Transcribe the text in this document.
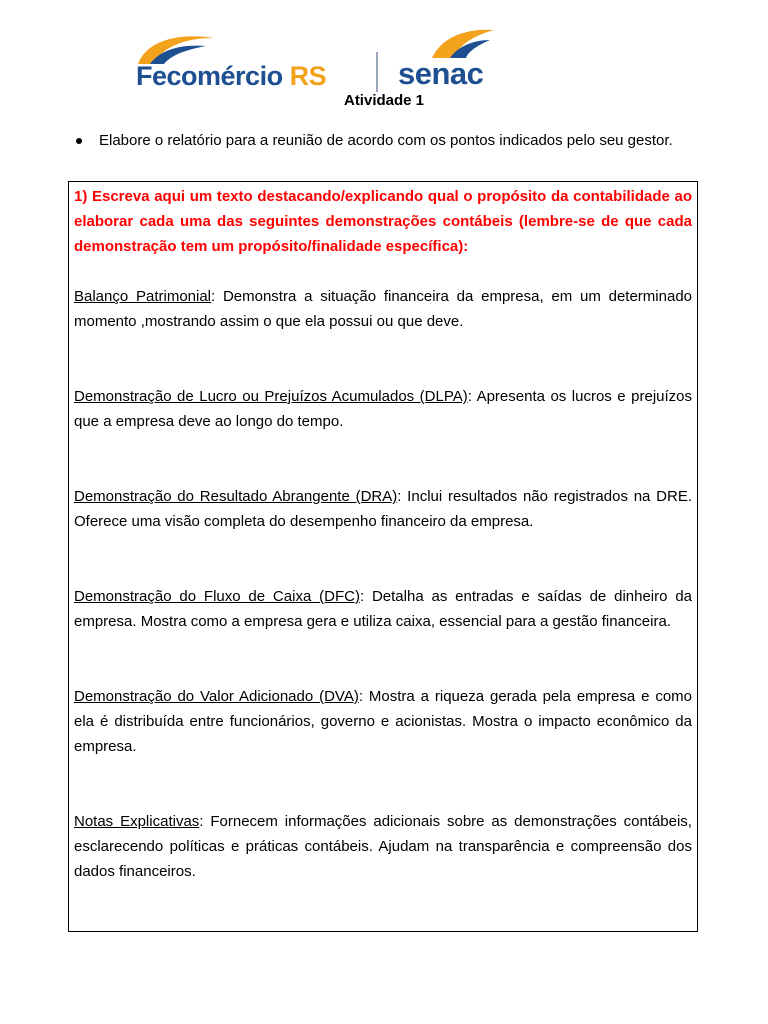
Fecomércio RS senac
Atividade 1
Elabore o relatório para a reunião de acordo com os pontos indicados pelo seu gestor.

1) Escreva aqui um texto destacando/explicando qual o propósito da contabilidade ao elaborar cada uma das seguintes demonstrações contábeis (lembre-se de que cada demonstração tem um propósito/finalidade específica):

Balanço Patrimonial: Demonstra a situação financeira da empresa, em um determinado momento ,mostrando assim o que ela possui ou que deve.

Demonstração de Lucro ou Prejuízos Acumulados (DLPA): Apresenta os lucros e prejuízos que a empresa deve ao longo do tempo.

Demonstração do Resultado Abrangente (DRA): Inclui resultados não registrados na DRE. Oferece uma visão completa do desempenho financeiro da empresa.

Demonstração do Fluxo de Caixa (DFC): Detalha as entradas e saídas de dinheiro da empresa. Mostra como a empresa gera e utiliza caixa, essencial para a gestão financeira.

Demonstração do Valor Adicionado (DVA): Mostra a riqueza gerada pela empresa e como ela é distribuída entre funcionários, governo e acionistas. Mostra o impacto econômico da empresa.

Notas Explicativas: Fornecem informações adicionais sobre as demonstrações contábeis, esclarecendo políticas e práticas contábeis. Ajudam na transparência e compreensão dos dados financeiros.
